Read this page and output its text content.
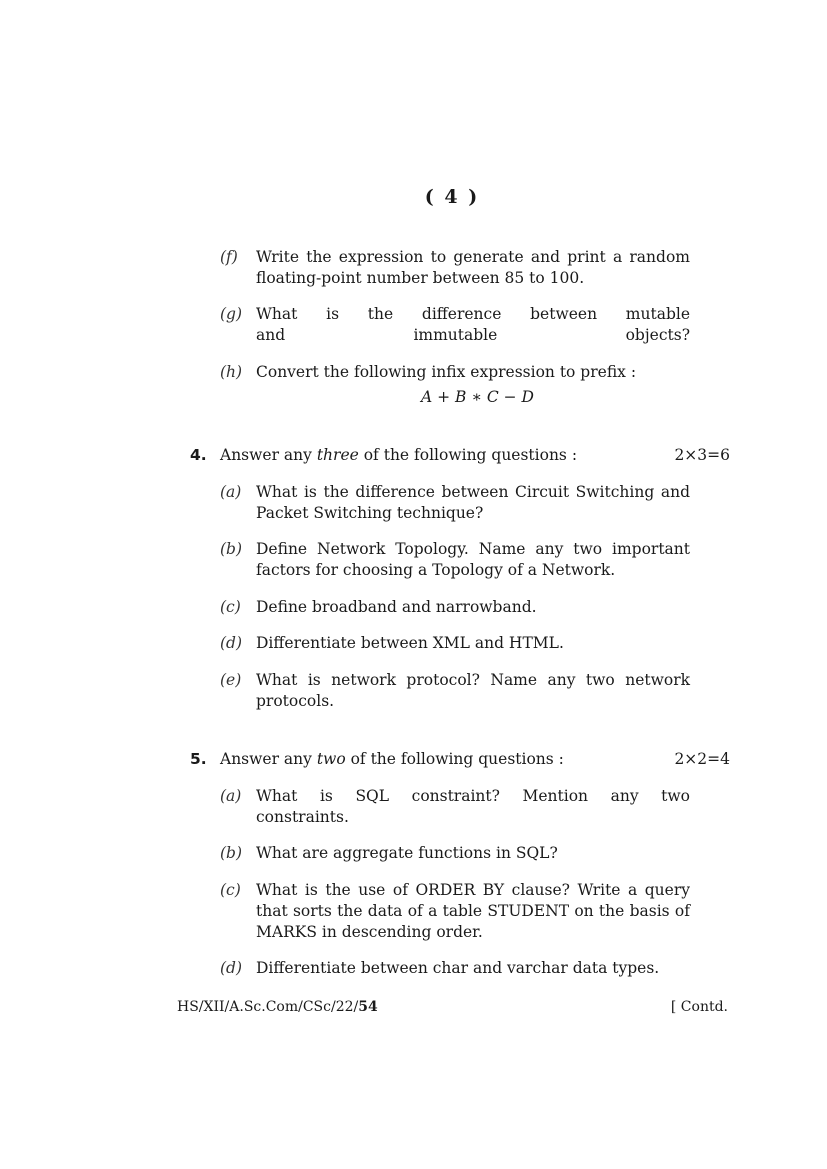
( 4 )
(f) Write the expression to generate and print a random floating-point number between 85 to 100.
(g) What is the difference between mutable and immutable objects?
(h) Convert the following infix expression to prefix :
A + B ∗ C − D
4. Answer any three of the following questions :	2×3=6
(a) What is the difference between Circuit Switching and Packet Switching technique?
(b) Define Network Topology. Name any two important factors for choosing a Topology of a Network.
(c) Define broadband and narrowband.
(d) Differentiate between XML and HTML.
(e) What is network protocol? Name any two network protocols.
5. Answer any two of the following questions :	2×2=4
(a) What is SQL constraint? Mention any two constraints.
(b) What are aggregate functions in SQL?
(c) What is the use of ORDER BY clause? Write a query that sorts the data of a table STUDENT on the basis of MARKS in descending order.
(d) Differentiate between char and varchar data types.
HS/XII/A.Sc.Com/CSc/22/54	[ Contd.
